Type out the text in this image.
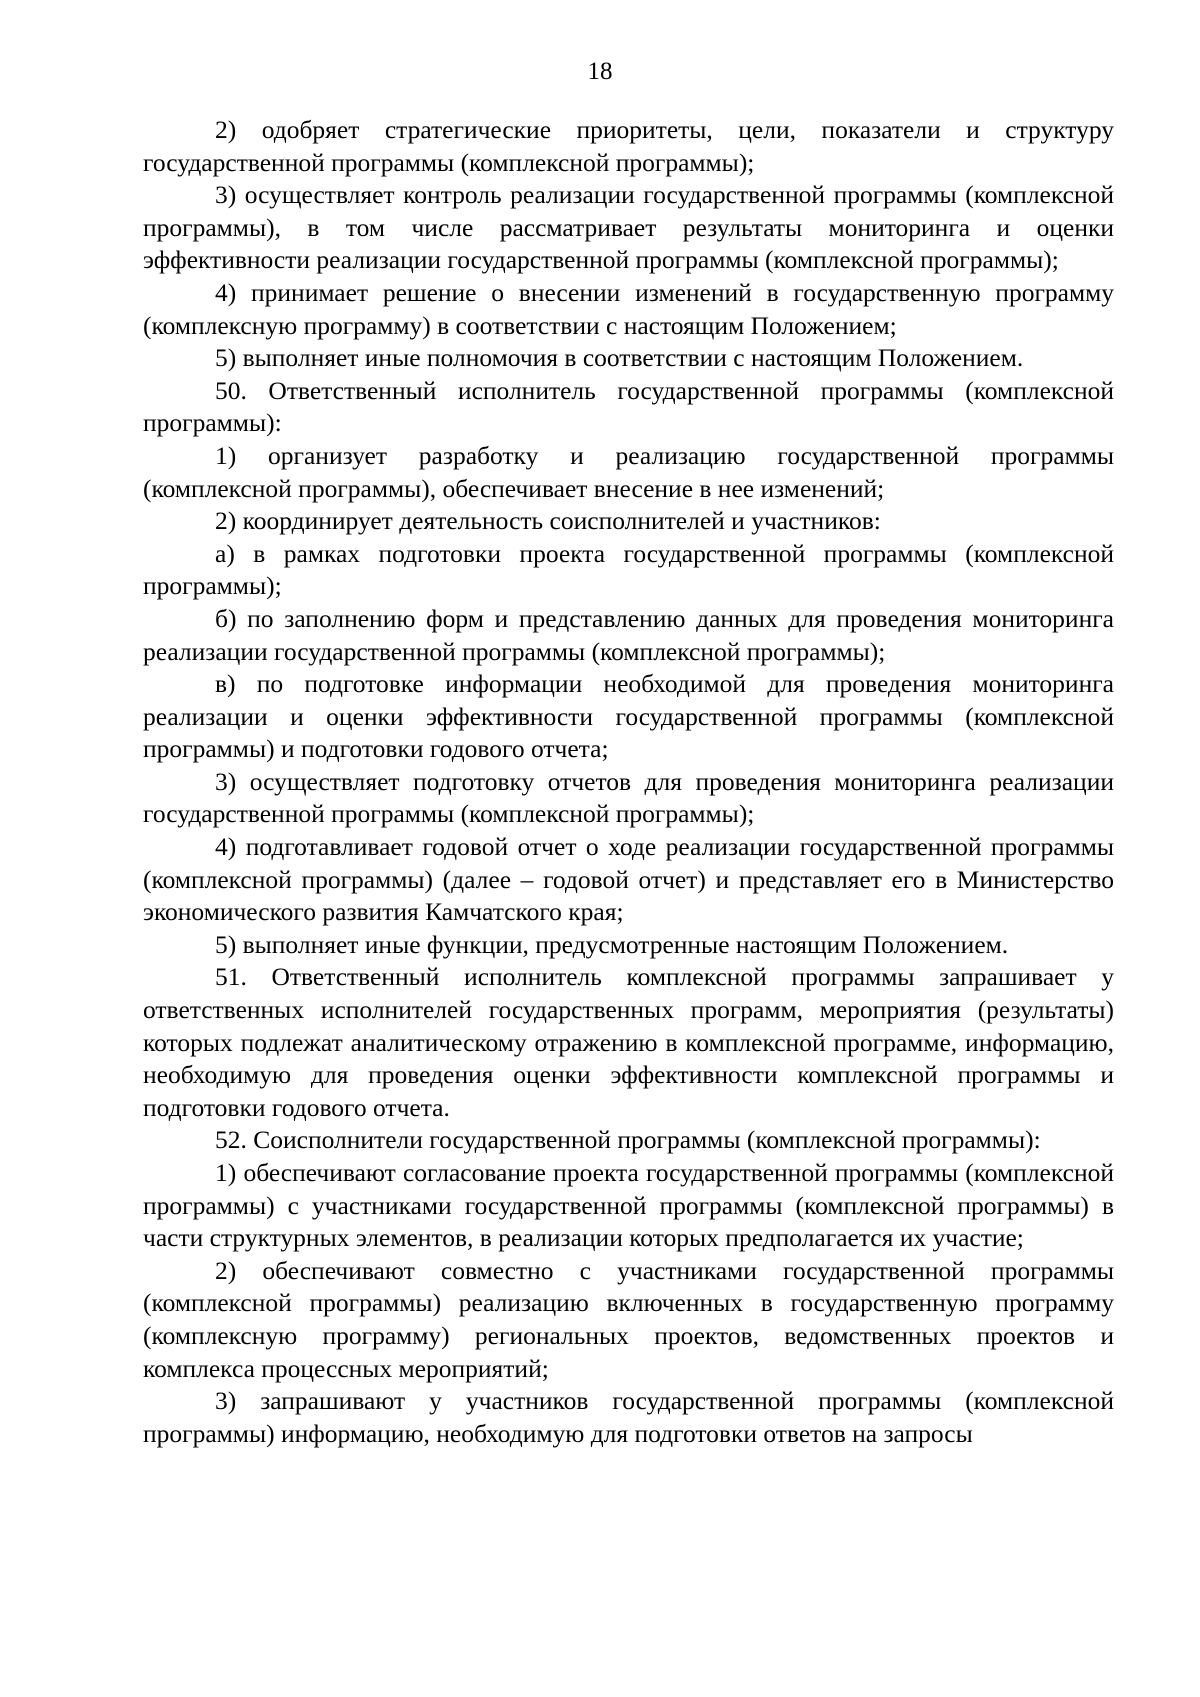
18

2) одобряет стратегические приоритеты, цели, показатели и структуру государственной программы (комплексной программы);

3) осуществляет контроль реализации государственной программы (комплексной программы), в том числе рассматривает результаты мониторинга и оценки эффективности реализации государственной программы (комплексной программы);

4) принимает решение о внесении изменений в государственную программу (комплексную программу) в соответствии с настоящим Положением;

5) выполняет иные полномочия в соответствии с настоящим Положением.

50. Ответственный исполнитель государственной программы (комплексной программы):

1) организует разработку и реализацию государственной программы (комплексной программы), обеспечивает внесение в нее изменений;

2) координирует деятельность соисполнителей и участников:

а) в рамках подготовки проекта государственной программы (комплексной программы);

б) по заполнению форм и представлению данных для проведения мониторинга реализации государственной программы (комплексной программы);

в) по подготовке информации необходимой для проведения мониторинга реализации и оценки эффективности государственной программы (комплексной программы) и подготовки годового отчета;

3) осуществляет подготовку отчетов для проведения мониторинга реализации государственной программы (комплексной программы);

4) подготавливает годовой отчет о ходе реализации государственной программы (комплексной программы) (далее – годовой отчет) и представляет его в Министерство экономического развития Камчатского края;

5) выполняет иные функции, предусмотренные настоящим Положением.

51. Ответственный исполнитель комплексной программы запрашивает у ответственных исполнителей государственных программ, мероприятия (результаты) которых подлежат аналитическому отражению в комплексной программе, информацию, необходимую для проведения оценки эффективности комплексной программы и подготовки годового отчета.

52. Соисполнители государственной программы (комплексной программы):

1) обеспечивают согласование проекта государственной программы (комплексной программы) с участниками государственной программы (комплексной программы) в части структурных элементов, в реализации которых предполагается их участие;

2) обеспечивают совместно с участниками государственной программы (комплексной программы) реализацию включенных в государственную программу (комплексную программу) региональных проектов, ведомственных проектов и комплекса процессных мероприятий;

3) запрашивают у участников государственной программы (комплексной программы) информацию, необходимую для подготовки ответов на запросы
